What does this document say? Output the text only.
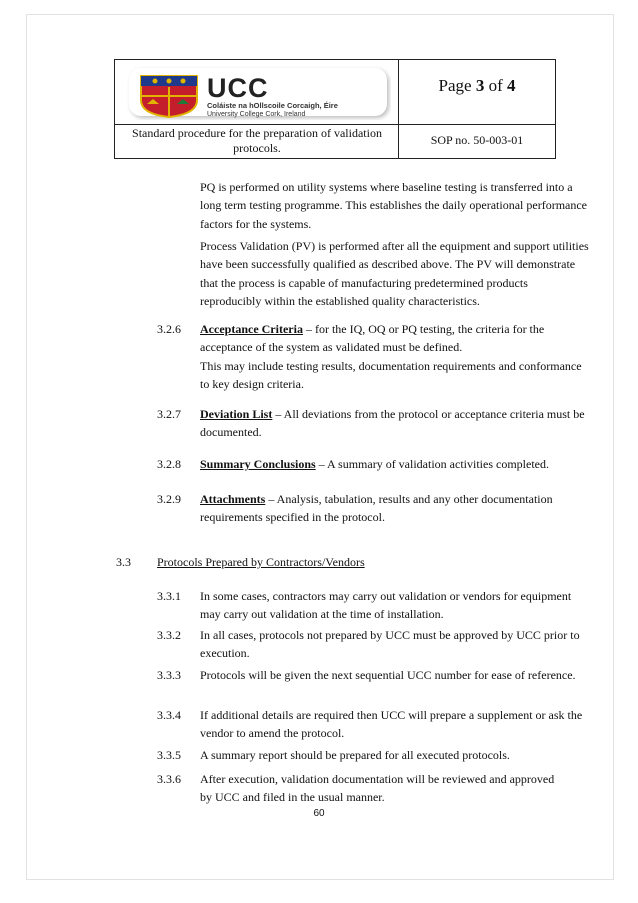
UCC
Coláiste na hOllscoile Corcaigh, Éire
University College Cork, Ireland
Page 3 of 4
Standard procedure for the preparation of validation protocols.
SOP no. 50-003-01
PQ is performed on utility systems where baseline testing is transferred into a long term testing programme. This establishes the daily operational performance factors for the systems.
Process Validation (PV) is performed after all the equipment and support utilities have been successfully qualified as described above. The PV will demonstrate that the process is capable of manufacturing predetermined products reproducibly within the established quality characteristics.
3.2.6 Acceptance Criteria – for the IQ, OQ or PQ testing, the criteria for the acceptance of the system as validated must be defined.

This may include testing results, documentation requirements and conformance to key design criteria.

3.2.7 Deviation List – All deviations from the protocol or acceptance criteria must be documented.
3.2.8 Summary Conclusions – A summary of validation activities completed.
3.2.9 Attachments – Analysis, tabulation, results and any other documentation requirements specified in the protocol.
3.3 Protocols Prepared by Contractors/Vendors
3.3.1 In some cases, contractors may carry out validation or vendors for equipment may carry out validation at the time of installation.
3.3.2 In all cases, protocols not prepared by UCC must be approved by UCC prior to execution.
3.3.3 Protocols will be given the next sequential UCC number for ease of reference.
3.3.4 If additional details are required then UCC will prepare a supplement or ask the vendor to amend the protocol.
3.3.5 A summary report should be prepared for all executed protocols.
3.3.6 After execution, validation documentation will be reviewed and approved by UCC and filed in the usual manner.
60
